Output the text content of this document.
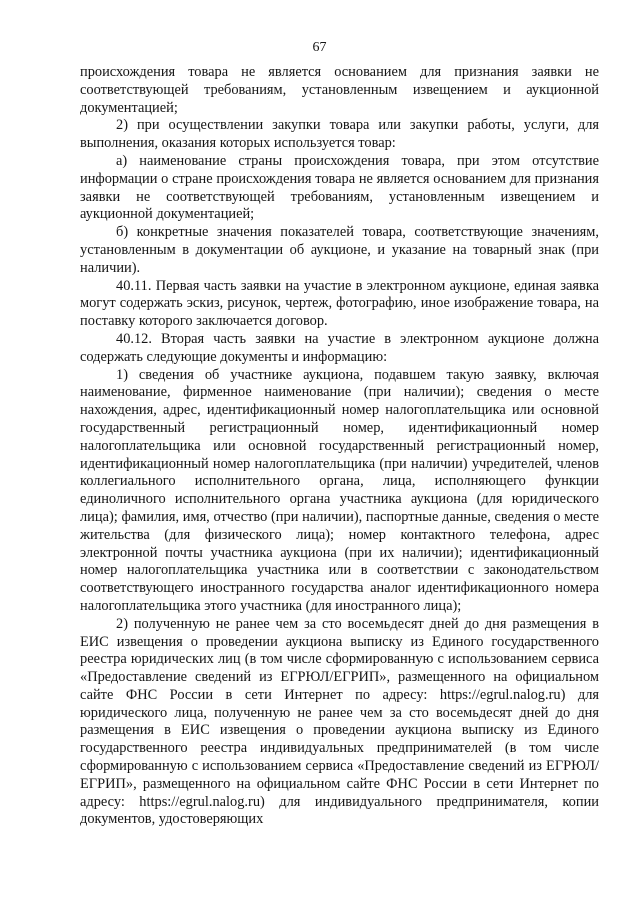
67

происхождения товара не является основанием для признания заявки не соответствующей требованиям, установленным извещением и аукционной документацией;

2) при осуществлении закупки товара или закупки работы, услуги, для выполнения, оказания которых используется товар:

а) наименование страны происхождения товара, при этом отсутствие информации о стране происхождения товара не является основанием для признания заявки не соответствующей требованиям, установленным извещением и аукционной документацией;

б) конкретные значения показателей товара, соответствующие значениям, установленным в документации об аукционе, и указание на товарный знак (при наличии).

40.11. Первая часть заявки на участие в электронном аукционе, единая заявка могут содержать эскиз, рисунок, чертеж, фотографию, иное изображение товара, на поставку которого заключается договор.

40.12. Вторая часть заявки на участие в электронном аукционе должна содержать следующие документы и информацию:

1) сведения об участнике аукциона, подавшем такую заявку, включая наименование, фирменное наименование (при наличии); сведения о месте нахождения, адрес, идентификационный номер налогоплательщика или основной государственный регистрационный номер, идентификационный номер налогоплательщика или основной государственный регистрационный номер, идентификационный номер налогоплательщика (при наличии) учредителей, членов коллегиального исполнительного органа, лица, исполняющего функции единоличного исполнительного органа участника аукциона (для юридического лица); фамилия, имя, отчество (при наличии), паспортные данные, сведения о месте жительства (для физического лица); номер контактного телефона, адрес электронной почты участника аукциона (при их наличии); идентификационный номер налогоплательщика участника или в соответствии с законодательством соответствующего иностранного государства аналог идентификационного номера налогоплательщика этого участника (для иностранного лица);

2) полученную не ранее чем за сто восемьдесят дней до дня размещения в ЕИС извещения о проведении аукциона выписку из Единого государственного реестра юридических лиц (в том числе сформированную с использованием сервиса «Предоставление сведений из ЕГРЮЛ/ЕГРИП», размещенного на официальном сайте ФНС России в сети Интернет по адресу: https://egrul.nalog.ru) для юридического лица, полученную не ранее чем за сто восемьдесят дней до дня размещения в ЕИС извещения о проведении аукциона выписку из Единого государственного реестра индивидуальных предпринимателей (в том числе сформированную с использованием сервиса «Предоставление сведений из ЕГРЮЛ/ЕГРИП», размещенного на официальном сайте ФНС России в сети Интернет по адресу: https://egrul.nalog.ru) для индивидуального предпринимателя, копии документов, удостоверяющих
